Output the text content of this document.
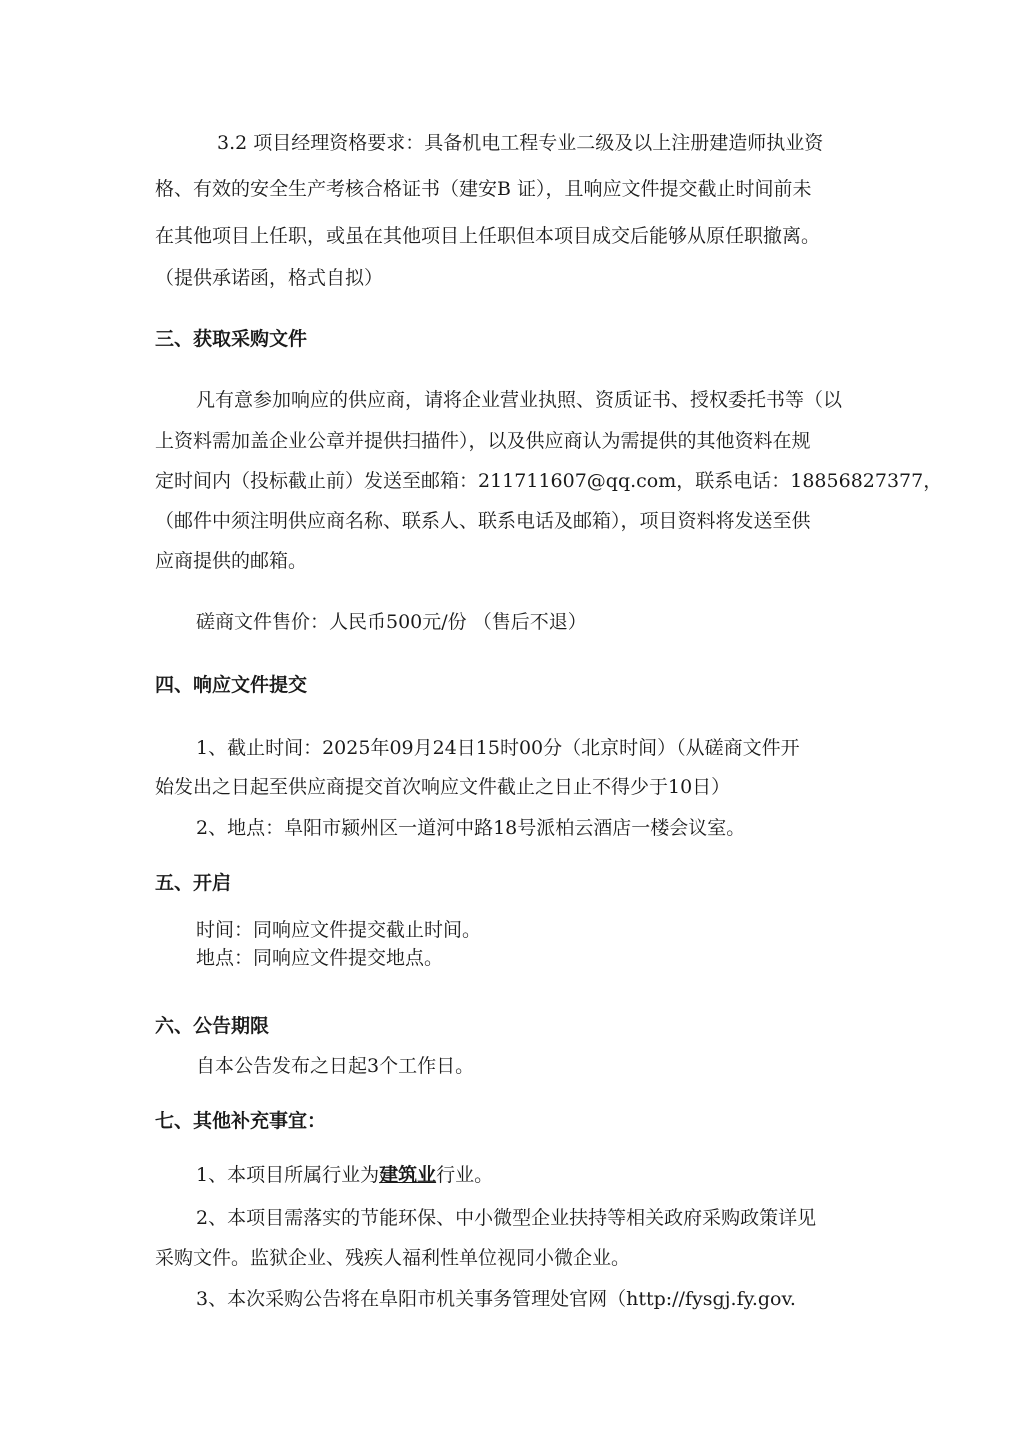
3.2 项目经理资格要求：具备机电工程专业二级及以上注册建造师执业资
格、有效的安全生产考核合格证书（建安B 证），且响应文件提交截止时间前未
在其他项目上任职，或虽在其他项目上任职但本项目成交后能够从原任职撤离。
（提供承诺函，格式自拟）
三、获取采购文件
凡有意参加响应的供应商，请将企业营业执照、资质证书、授权委托书等（以
上资料需加盖企业公章并提供扫描件），以及供应商认为需提供的其他资料在规
定时间内（投标截止前）发送至邮箱：211711607@qq.com，联系电话：18856827377，
（邮件中须注明供应商名称、联系人、联系电话及邮箱），项目资料将发送至供
应商提供的邮箱。
磋商文件售价：人民币500元/份 （售后不退）
四、响应文件提交
1、截止时间：2025年09月24日15时00分（北京时间）（从磋商文件开
始发出之日起至供应商提交首次响应文件截止之日止不得少于10日）
2、地点：阜阳市颍州区一道河中路18号派柏云酒店一楼会议室。
五、开启
时间：同响应文件提交截止时间。
地点：同响应文件提交地点。
六、公告期限
自本公告发布之日起3个工作日。
七、其他补充事宜：
1、本项目所属行业为建筑业行业。
2、本项目需落实的节能环保、中小微型企业扶持等相关政府采购政策详见
采购文件。监狱企业、残疾人福利性单位视同小微企业。
3、本次采购公告将在阜阳市机关事务管理处官网（http://fysgj.fy.gov.
